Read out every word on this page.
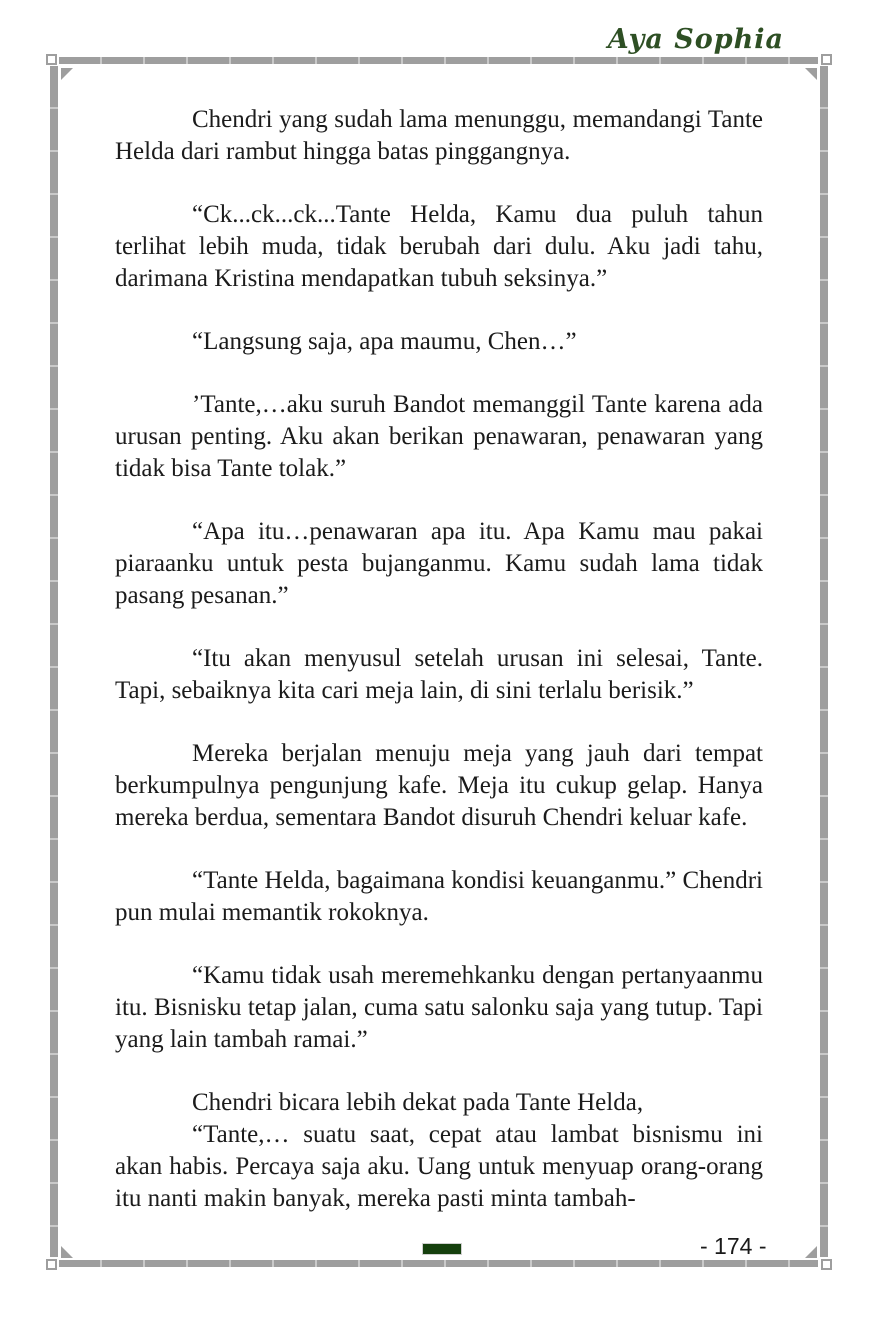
Aya Sophia

Chendri yang sudah lama menunggu, memandangi Tante Helda dari rambut hingga batas pinggangnya.

“Ck...ck...ck...Tante Helda, Kamu dua puluh tahun terlihat lebih muda, tidak berubah dari dulu. Aku jadi tahu, darimana Kristina mendapatkan tubuh seksinya.”

“Langsung saja, apa maumu, Chen…”

’Tante,…aku suruh Bandot memanggil Tante karena ada urusan penting. Aku akan berikan penawaran, penawaran yang tidak bisa Tante tolak.”

“Apa itu…penawaran apa itu. Apa Kamu mau pakai piaraanku untuk pesta bujanganmu. Kamu sudah lama tidak pasang pesanan.”

“Itu akan menyusul setelah urusan ini selesai, Tante. Tapi, sebaiknya kita cari meja lain, di sini terlalu berisik.”

Mereka berjalan menuju meja yang jauh dari tempat berkumpulnya pengunjung kafe. Meja itu cukup gelap. Hanya mereka berdua, sementara Bandot disuruh Chendri keluar kafe.

“Tante Helda, bagaimana kondisi keuanganmu.” Chendri pun mulai memantik rokoknya.

“Kamu tidak usah meremehkanku dengan pertanyaanmu itu. Bisnisku tetap jalan, cuma satu salonku saja yang tutup. Tapi yang lain tambah ramai.”

Chendri bicara lebih dekat pada Tante Helda,

“Tante,… suatu saat, cepat atau lambat bisnismu ini akan habis. Percaya saja aku. Uang untuk menyuap orang-orang itu nanti makin banyak, mereka pasti minta tambah-

- 174 -
